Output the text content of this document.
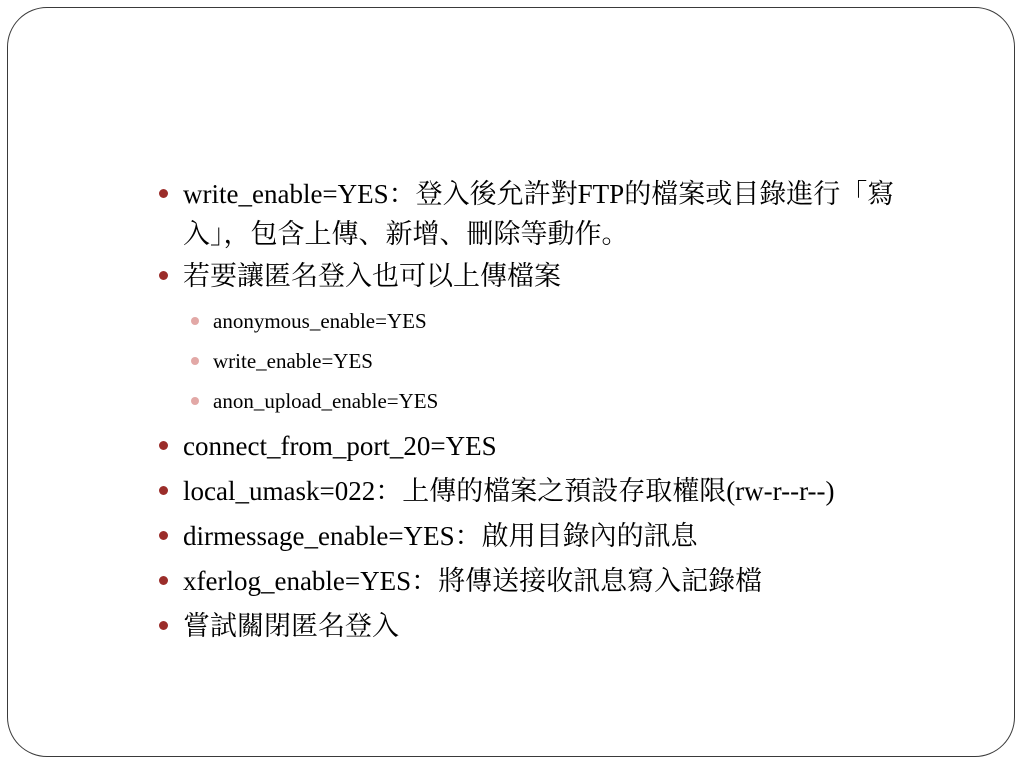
write_enable=YES：登入後允許對FTP的檔案或目錄進行「寫入」，包含上傳、新增、刪除等動作。
若要讓匿名登入也可以上傳檔案
anonymous_enable=YES
write_enable=YES
anon_upload_enable=YES
connect_from_port_20=YES
local_umask=022：上傳的檔案之預設存取權限(rw-r--r--)
dirmessage_enable=YES：啟用目錄內的訊息
xferlog_enable=YES：將傳送接收訊息寫入記錄檔
嘗試關閉匿名登入
